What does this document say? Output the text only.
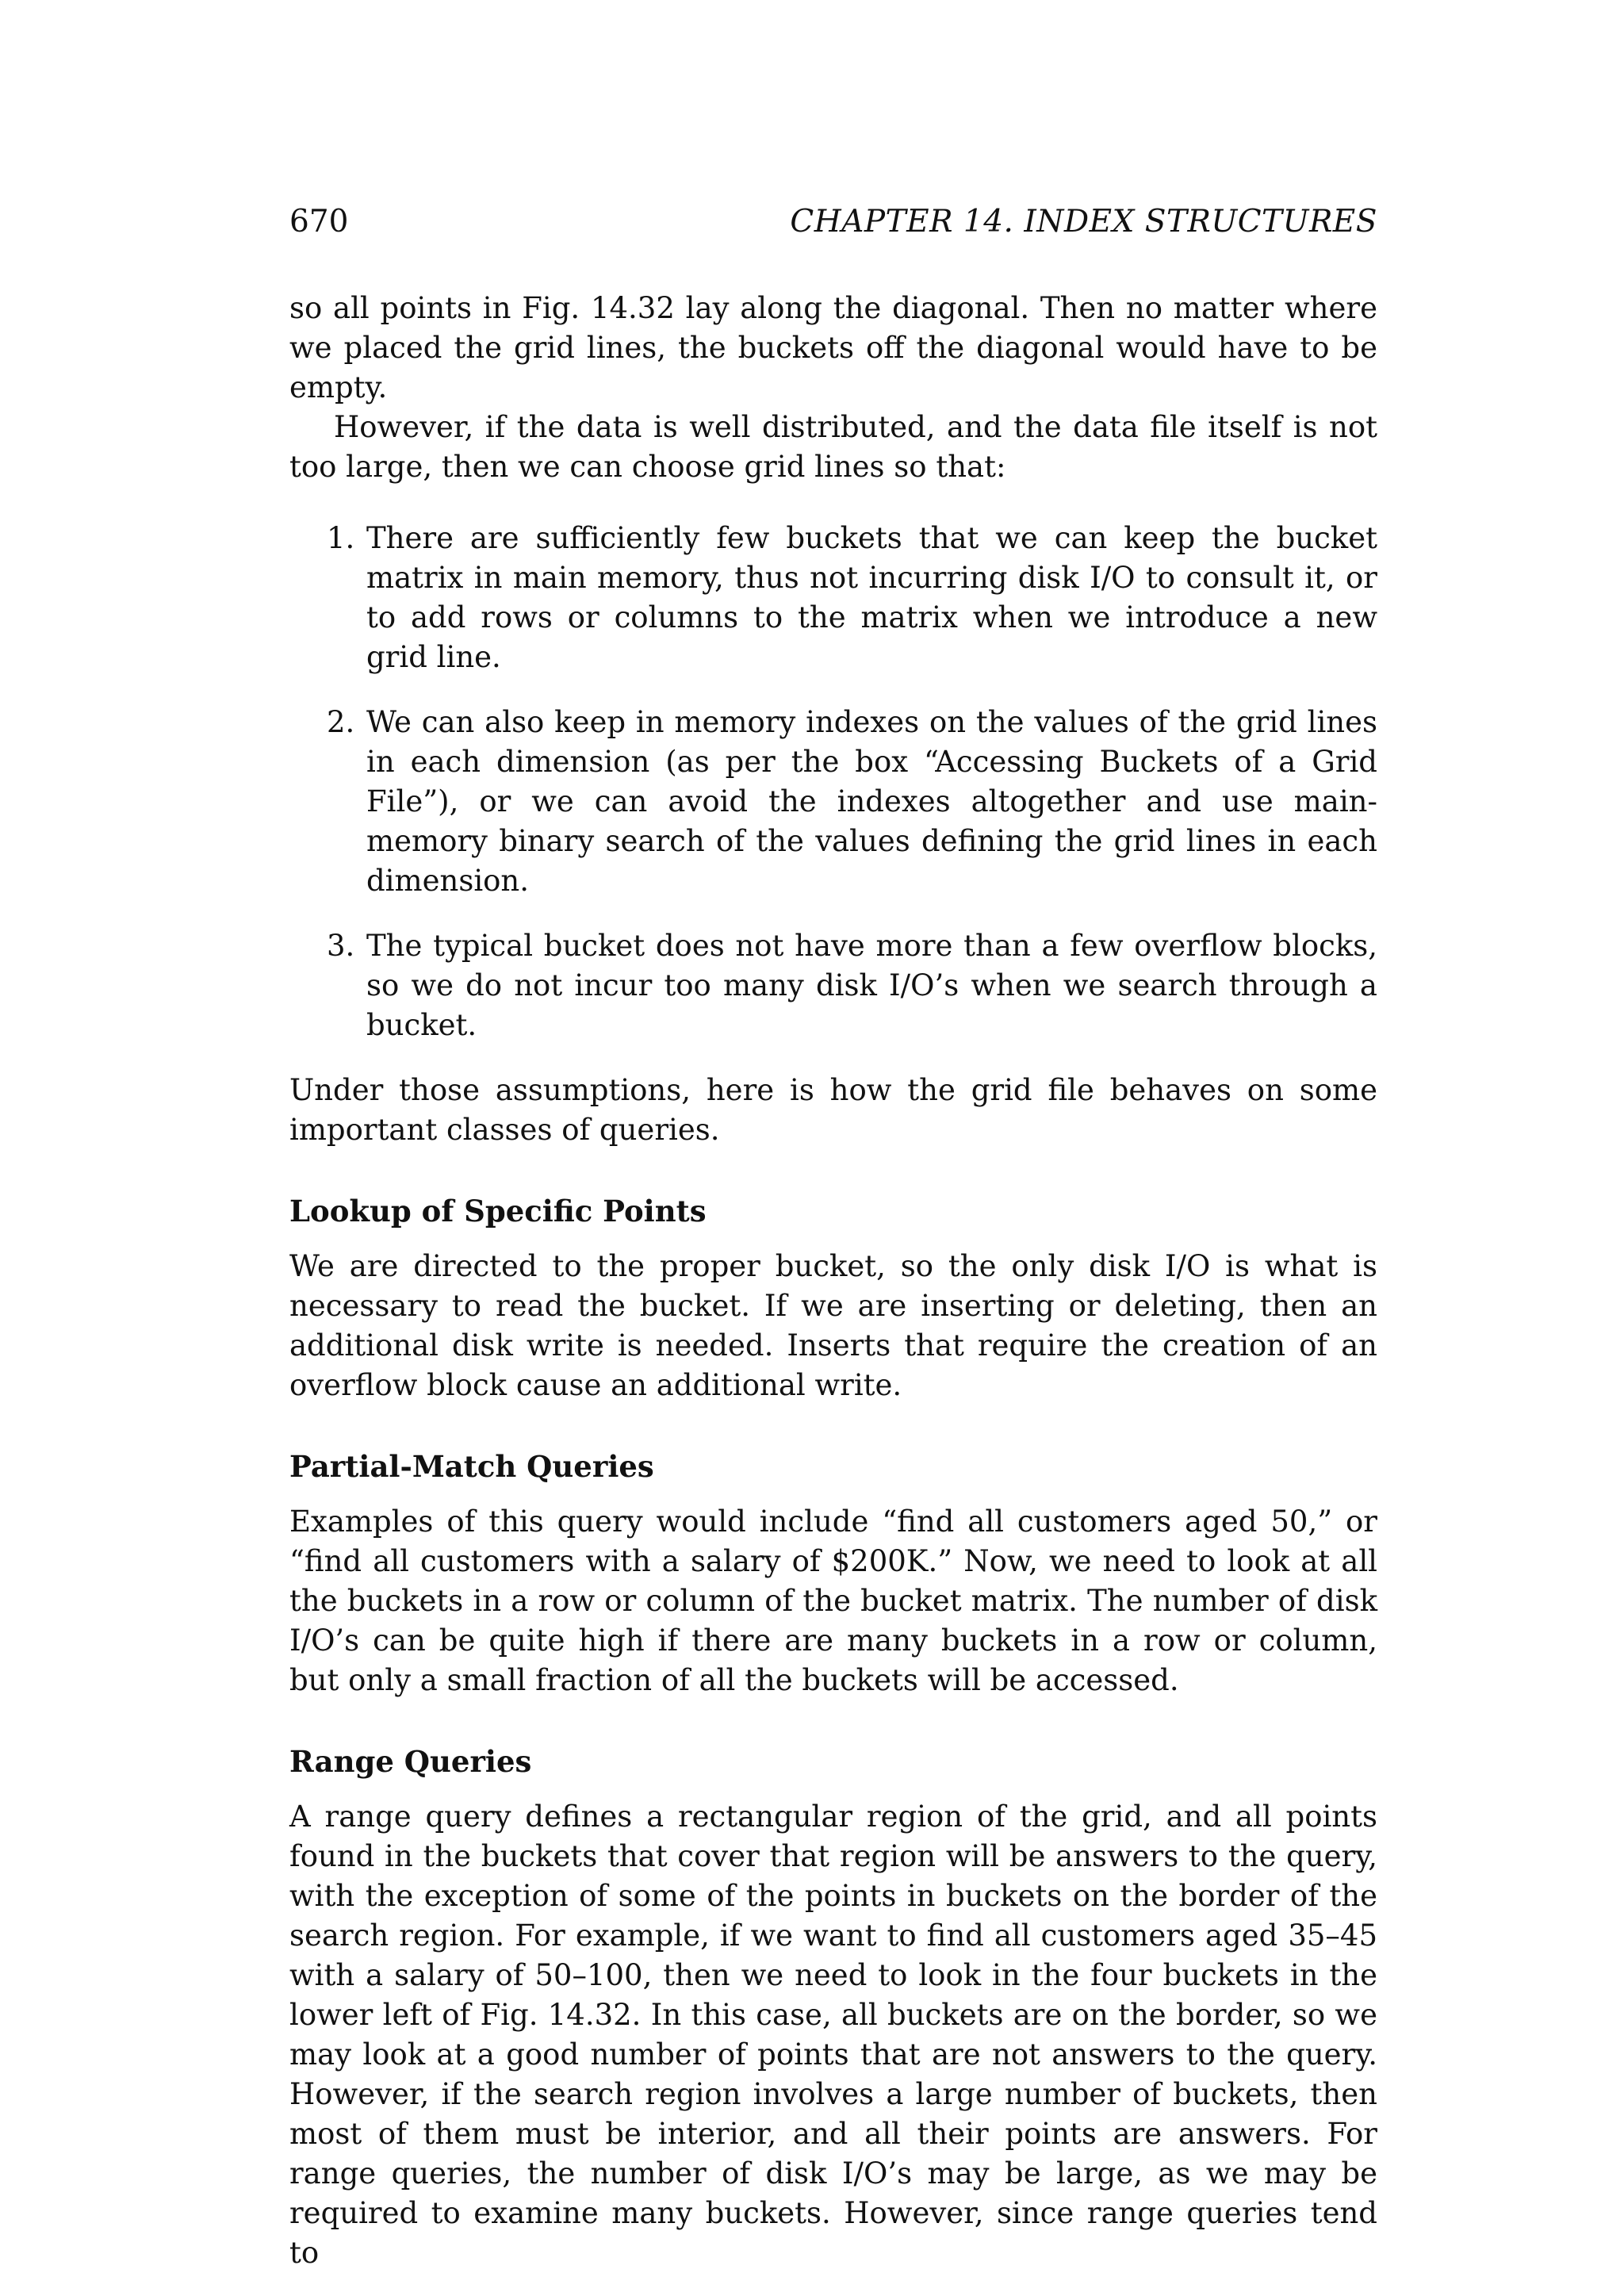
670	CHAPTER 14. INDEX STRUCTURES

so all points in Fig. 14.32 lay along the diagonal. Then no matter where we placed the grid lines, the buckets off the diagonal would have to be empty.

However, if the data is well distributed, and the data file itself is not too large, then we can choose grid lines so that:

1. There are sufficiently few buckets that we can keep the bucket matrix in main memory, thus not incurring disk I/O to consult it, or to add rows or columns to the matrix when we introduce a new grid line.
2. We can also keep in memory indexes on the values of the grid lines in each dimension (as per the box “Accessing Buckets of a Grid File”), or we can avoid the indexes altogether and use main-memory binary search of the values defining the grid lines in each dimension.
3. The typical bucket does not have more than a few overflow blocks, so we do not incur too many disk I/O’s when we search through a bucket.

Under those assumptions, here is how the grid file behaves on some important classes of queries.

Lookup of Specific Points

We are directed to the proper bucket, so the only disk I/O is what is necessary to read the bucket. If we are inserting or deleting, then an additional disk write is needed. Inserts that require the creation of an overflow block cause an additional write.

Partial-Match Queries

Examples of this query would include “find all customers aged 50,” or “find all customers with a salary of $200K.” Now, we need to look at all the buckets in a row or column of the bucket matrix. The number of disk I/O’s can be quite high if there are many buckets in a row or column, but only a small fraction of all the buckets will be accessed.

Range Queries

A range query defines a rectangular region of the grid, and all points found in the buckets that cover that region will be answers to the query, with the exception of some of the points in buckets on the border of the search region. For example, if we want to find all customers aged 35–45 with a salary of 50–100, then we need to look in the four buckets in the lower left of Fig. 14.32. In this case, all buckets are on the border, so we may look at a good number of points that are not answers to the query. However, if the search region involves a large number of buckets, then most of them must be interior, and all their points are answers. For range queries, the number of disk I/O’s may be large, as we may be required to examine many buckets. However, since range queries tend to
